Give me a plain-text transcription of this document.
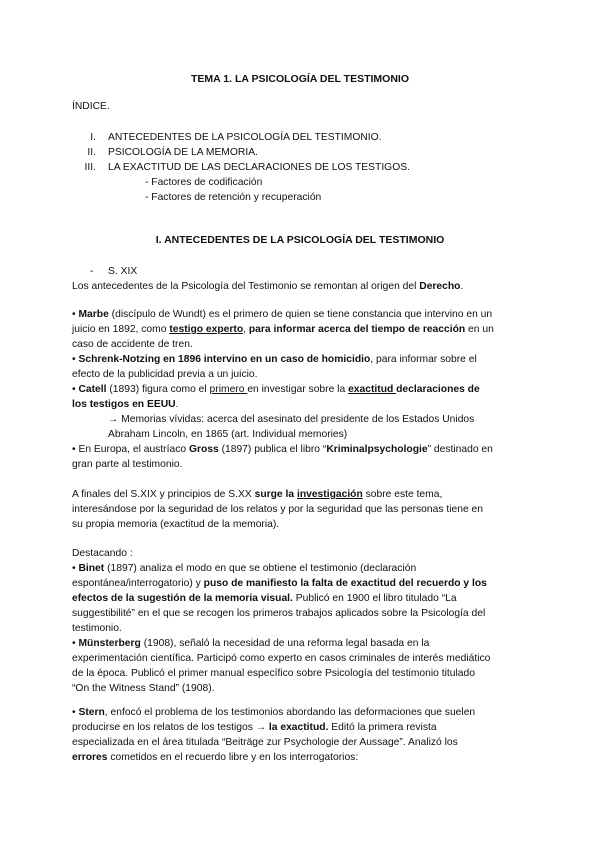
TEMA 1. LA PSICOLOGÍA DEL TESTIMONIO
ÍNDICE.
I. ANTECEDENTES DE LA PSICOLOGÍA DEL TESTIMONIO.
II. PSICOLOGÍA DE LA MEMORIA.
III. LA EXACTITUD DE LAS DECLARACIONES DE LOS TESTIGOS.
- Factores de codificación
- Factores de retención y recuperación
I. ANTECEDENTES DE LA PSICOLOGÍA DEL TESTIMONIO
- S. XIX
Los antecedentes de la Psicología del Testimonio se remontan al origen del Derecho.
• Marbe (discípulo de Wundt) es el primero de quien se tiene constancia que intervino en un
juicio en 1892, como testigo experto, para informar acerca del tiempo de reacción en un
caso de accidente de tren.
• Schrenk-Notzing en 1896 intervino en un caso de homicidio, para informar sobre el
efecto de la publicidad previa a un juicio.
• Catell (1893) figura como el primero en investigar sobre la exactitud declaraciones de
los testigos en EEUU.
→ Memorias vívidas: acerca del asesinato del presidente de los Estados Unidos
Abraham Lincoln, en 1865 (art. Individual memories)
• En Europa, el austríaco Gross (1897) publica el libro “Kriminalpsychologie” destinado en
gran parte al testimonio.
A finales del S.XIX y principios de S.XX surge la investigación sobre este tema,
interesándose por la seguridad de los relatos y por la seguridad que las personas tiene en
su propia memoria (exactitud de la memoria).
Destacando :
• Binet (1897) analiza el modo en que se obtiene el testimonio (declaración
espontánea/interrogatorio) y puso de manifiesto la falta de exactitud del recuerdo y los
efectos de la sugestión de la memoria visual. Publicó en 1900 el libro titulado “La
suggestibilité” en el que se recogen los primeros trabajos aplicados sobre la Psicología del
testimonio.
• Münsterberg (1908), señaló la necesidad de una reforma legal basada en la
experimentación científica. Participó como experto en casos criminales de interés mediático
de la época. Publicó el primer manual específico sobre Psicología del testimonio titulado
“On the Witness Stand” (1908).
• Stern, enfocó el problema de los testimonios abordando las deformaciones que suelen
producirse en los relatos de los testigos → la exactitud. Editó la primera revista
especializada en el área titulada “Beiträge zur Psychologie der Aussage”. Analizó los
errores cometidos en el recuerdo libre y en los interrogatorios:
